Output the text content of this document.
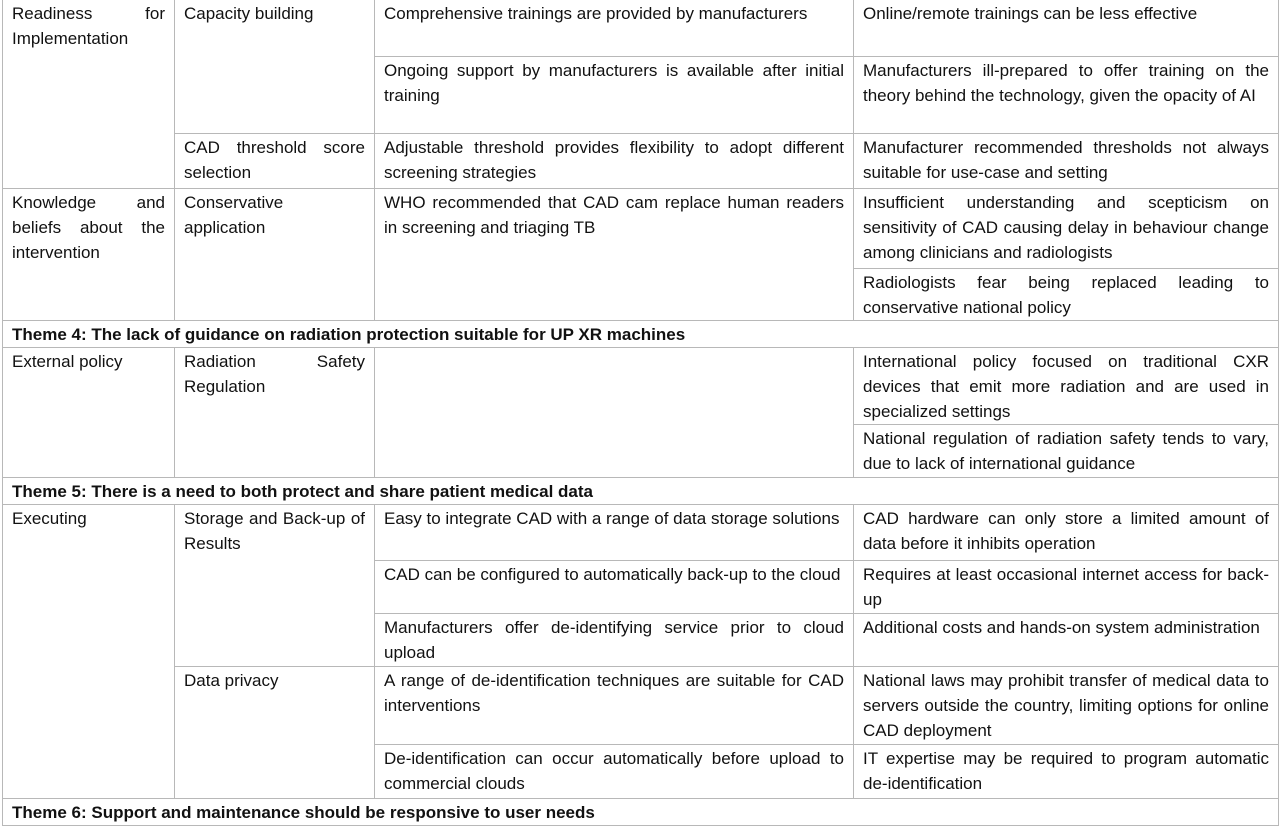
Readiness for Implementation	Capacity building	Comprehensive trainings are provided by manufacturers	Online/remote trainings can be less effective
		Ongoing support by manufacturers is available after initial training	Manufacturers ill-prepared to offer training on the theory behind the technology, given the opacity of AI
	CAD threshold score selection	Adjustable threshold provides flexibility to adopt different screening strategies	Manufacturer recommended thresholds not always suitable for use-case and setting
Knowledge and beliefs about the intervention	Conservative application	WHO recommended that CAD cam replace human readers in screening and triaging TB	Insufficient understanding and scepticism on sensitivity of CAD causing delay in behaviour change among clinicians and radiologists
			Radiologists fear being replaced leading to conservative national policy
Theme 4: The lack of guidance on radiation protection suitable for UP XR machines			
External policy	Radiation Safety Regulation		International policy focused on traditional CXR devices that emit more radiation and are used in specialized settings
			National regulation of radiation safety tends to vary, due to lack of international guidance
Theme 5: There is a need to both protect and share patient medical data			
Executing	Storage and Back-up of Results	Easy to integrate CAD with a range of data storage solutions	CAD hardware can only store a limited amount of data before it inhibits operation
		CAD can be configured to automatically back-up to the cloud	Requires at least occasional internet access for back-up
		Manufacturers offer de-identifying service prior to cloud upload	Additional costs and hands-on system administration
	Data privacy	A range of de-identification techniques are suitable for CAD interventions	National laws may prohibit transfer of medical data to servers outside the country, limiting options for online CAD deployment
		De-identification can occur automatically before upload to commercial clouds	IT expertise may be required to program automatic de-identification
Theme 6: Support and maintenance should be responsive to user needs			
